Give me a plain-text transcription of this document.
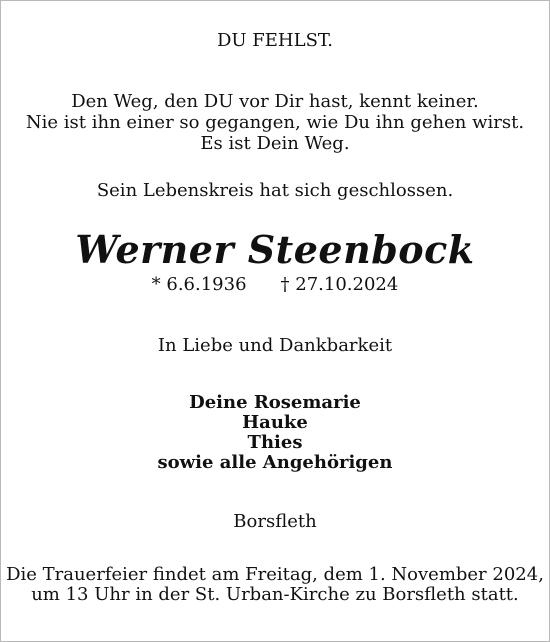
DU FEHLST.
Den Weg, den DU vor Dir hast, kennt keiner.
Nie ist ihn einer so gegangen, wie Du ihn gehen wirst.
Es ist Dein Weg.
Sein Lebenskreis hat sich geschlossen.
Werner Steenbock
* 6.6.1936 † 27.10.2024
In Liebe und Dankbarkeit
Deine Rosemarie
Hauke
Thies
sowie alle Angehörigen
Borsfleth
Die Trauerfeier findet am Freitag, dem 1. November 2024,
um 13 Uhr in der St. Urban-Kirche zu Borsfleth statt.
